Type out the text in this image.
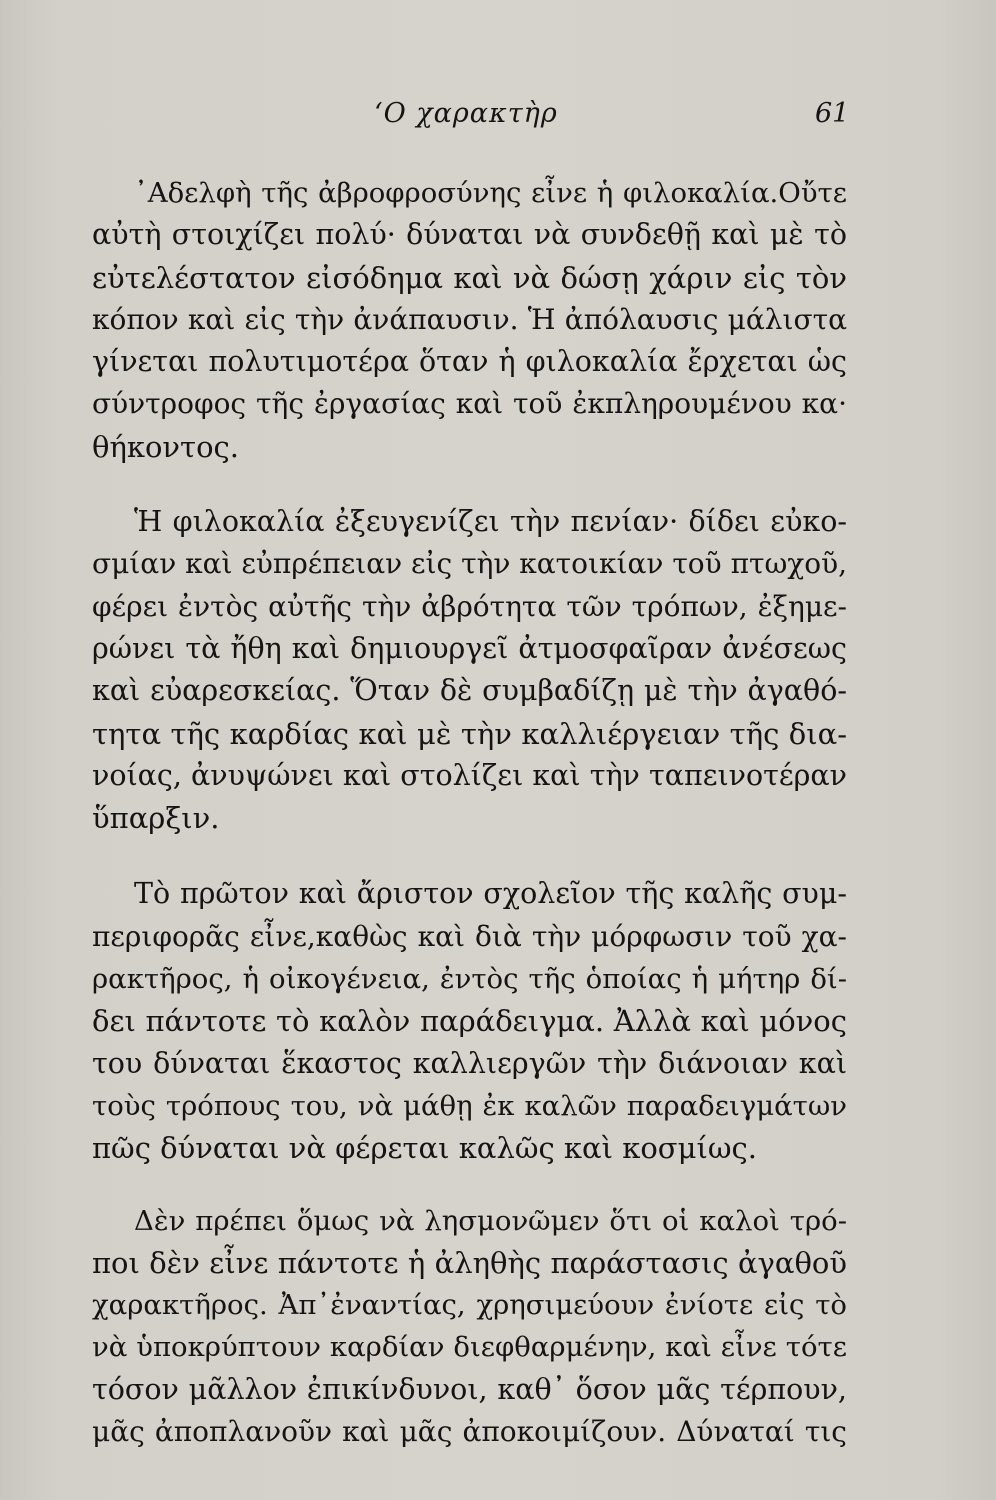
‘Ο χαρακτὴρ	61

᾿Αδελφὴ τῆς ἀβροφροσύνης εἶνε ἡ φιλοκαλία.Οὔτε
αὐτὴ στοιχίζει πολύ· δύναται νὰ συνδεθῇ καὶ μὲ τὸ
εὐτελέστατον εἰσόδημα καὶ νὰ δώσῃ χάριν εἰς τὸν
κόπον καὶ εἰς τὴν ἀνάπαυσιν. Ἡ ἀπόλαυσις μάλιστα
γίνεται πολυτιμοτέρα ὅταν ἡ φιλοκαλία ἔρχεται ὡς
σύντροφος τῆς ἐργασίας καὶ τοῦ ἐκπληρουμένου κα·
θήκοντος.

Ἡ φιλοκαλία ἐξευγενίζει τὴν πενίαν· δίδει εὐκο-
σμίαν καὶ εὐπρέπειαν εἰς τὴν κατοικίαν τοῦ πτωχοῦ,
φέρει ἐντὸς αὐτῆς τὴν ἀβρότητα τῶν τρόπων, ἐξημε-
ρώνει τὰ ἤθη καὶ δημιουργεῖ ἀτμοσφαῖραν ἀνέσεως
καὶ εὐαρεσκείας. Ὅταν δὲ συμβαδίζῃ μὲ τὴν ἀγαθό-
τητα τῆς καρδίας καὶ μὲ τὴν καλλιέργειαν τῆς δια-
νοίας, ἀνυψώνει καὶ στολίζει καὶ τὴν ταπεινοτέραν
ὕπαρξιν.

Τὸ πρῶτον καὶ ἄριστον σχολεῖον τῆς καλῆς συμ-
περιφορᾶς εἶνε,καθὼς καὶ διὰ τὴν μόρφωσιν τοῦ χα-
ρακτῆρος, ἡ οἰκογένεια, ἐντὸς τῆς ὁποίας ἡ μήτηρ δί-
δει πάντοτε τὸ καλὸν παράδειγμα. Ἀλλὰ καὶ μόνος
του δύναται ἕκαστος καλλιεργῶν τὴν διάνοιαν καὶ
τοὺς τρόπους του, νὰ μάθῃ ἐκ καλῶν παραδειγμάτων
πῶς δύναται νὰ φέρεται καλῶς καὶ κοσμίως.

Δὲν πρέπει ὅμως νὰ λησμονῶμεν ὅτι οἱ καλοὶ τρό-
ποι δὲν εἶνε πάντοτε ἡ ἀληθὴς παράστασις ἀγαθοῦ
χαρακτῆρος. Ἀπ᾿ἐναντίας, χρησιμεύουν ἐνίοτε εἰς τὸ
νὰ ὑποκρύπτουν καρδίαν διεφθαρμένην, καὶ εἶνε τότε
τόσον μᾶλλον ἐπικίνδυνοι, καθ᾿ ὅσον μᾶς τέρπουν,
μᾶς ἀποπλανοῦν καὶ μᾶς ἀποκοιμίζουν. Δύναταί τις
